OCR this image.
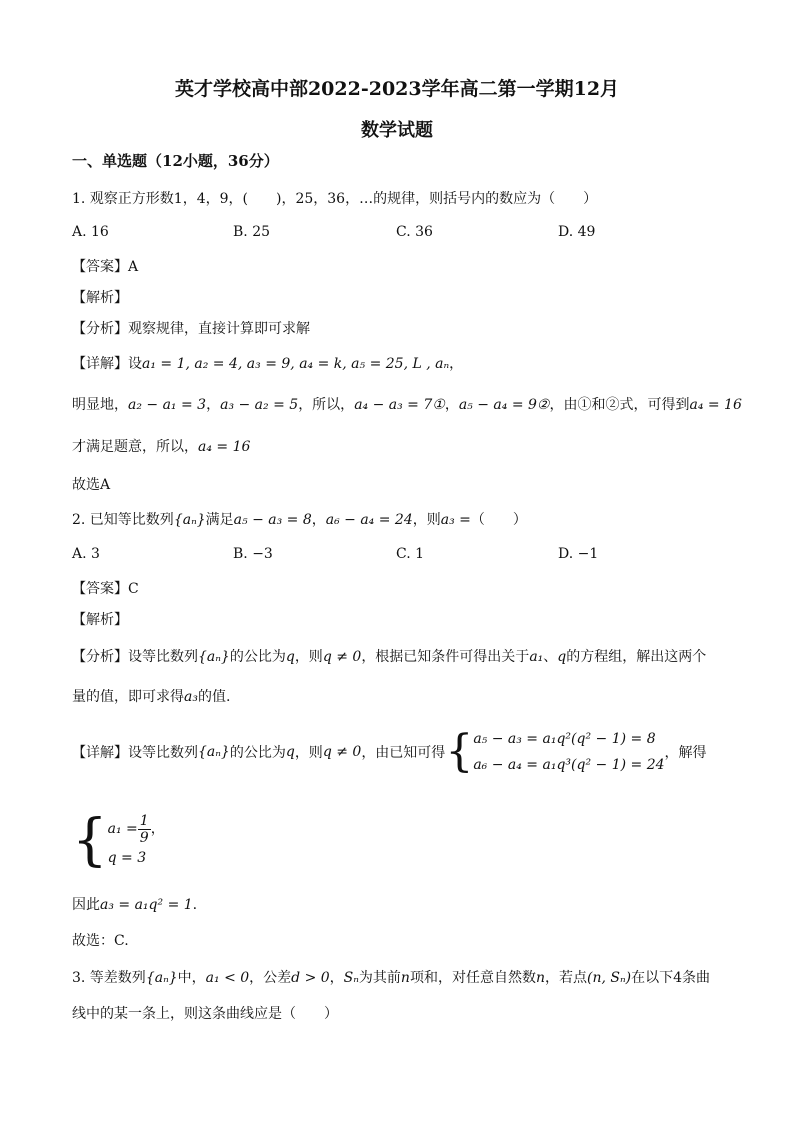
英才学校高中部2022-2023学年高二第一学期12月
数学试题
一、单选题（12小题，36分）
1. 观察正方形数1，4，9，(　　)，25，36，…的规律，则括号内的数应为（　　）
A. 16	B. 25	C. 36	D. 49
【答案】A
【解析】
【分析】观察规律，直接计算即可求解
【详解】设a₁ = 1, a₂ = 4, a₃ = 9, a₄ = k, a₅ = 25, L , aₙ，
明显地，a₂ − a₁ = 3，a₃ − a₂ = 5，所以，a₄ − a₃ = 7①，a₅ − a₄ = 9②，由①和②式，可得到a₄ = 16
才满足题意，所以，a₄ = 16
故选A
2. 已知等比数列{aₙ}满足a₅ − a₃ = 8，a₆ − a₄ = 24，则a₃ =（　　）
A. 3	B. −3	C. 1	D. −1
【答案】C
【解析】
【分析】设等比数列{aₙ}的公比为q，则q ≠ 0，根据已知条件可得出关于a₁、q的方程组，解出这两个
量的值，即可求得a₃的值.
【详解】设等比数列{aₙ}的公比为q，则q ≠ 0，由已知可得{ a₅ − a₃ = a₁q²(q² − 1) = 8
a₆ − a₄ = a₁q³(q² − 1) = 24
，解得
{ $a_1 = \frac{1}{9}$ ，
q = 3
因此a₃ = a₁q² = 1.
故选：C.
3. 等差数列{aₙ}中，a₁ < 0，公差d > 0，Sₙ为其前n项和，对任意自然数n，若点(n, Sₙ)在以下4条曲
线中的某一条上，则这条曲线应是（　　）
